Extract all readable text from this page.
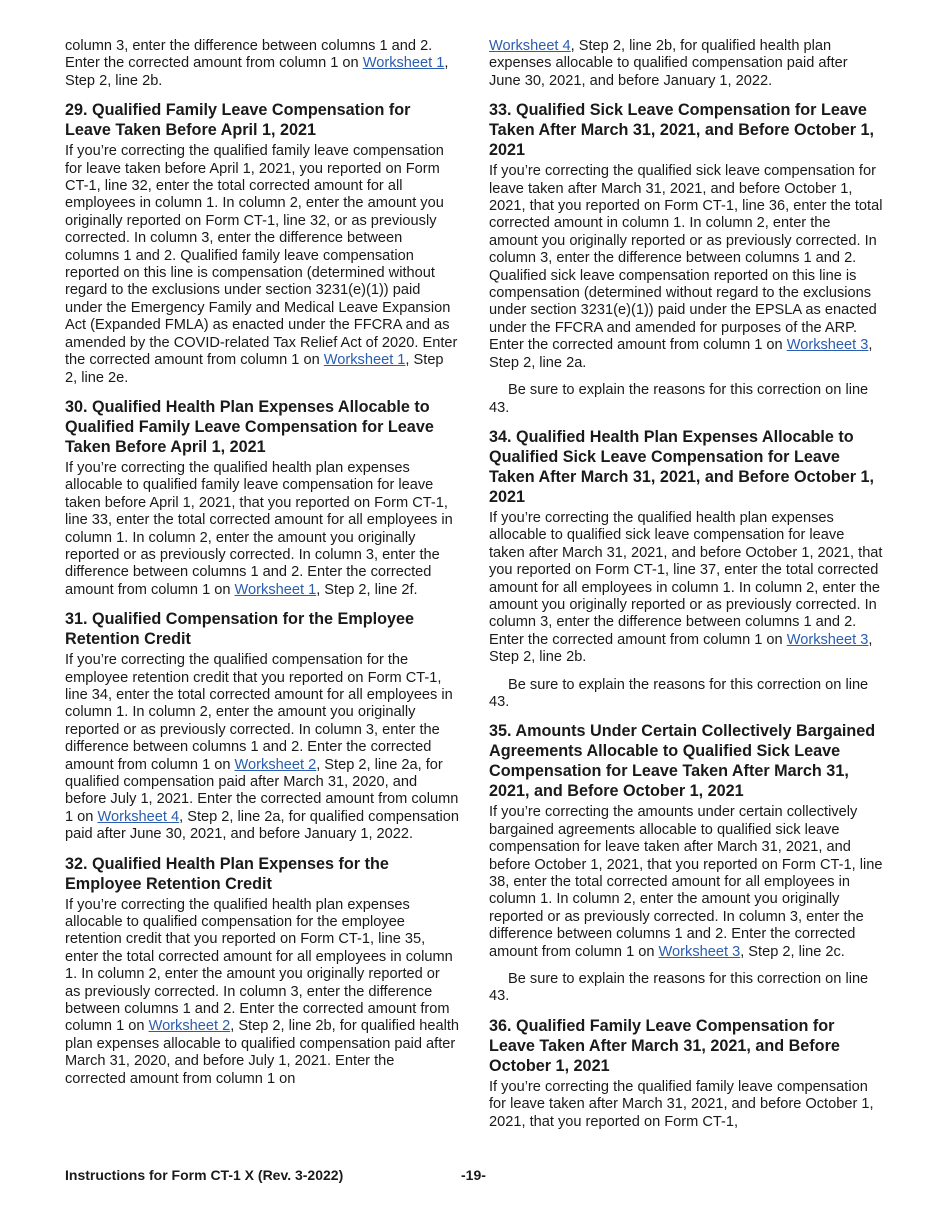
column 3, enter the difference between columns 1 and 2. Enter the corrected amount from column 1 on Worksheet 1, Step 2, line 2b.

29. Qualified Family Leave Compensation for Leave Taken Before April 1, 2021

If you’re correcting the qualified family leave compensation for leave taken before April 1, 2021, you reported on Form CT-1, line 32, enter the total corrected amount for all employees in column 1. In column 2, enter the amount you originally reported on Form CT-1, line 32, or as previously corrected. In column 3, enter the difference between columns 1 and 2. Qualified family leave compensation reported on this line is compensation (determined without regard to the exclusions under section 3231(e)(1)) paid under the Emergency Family and Medical Leave Expansion Act (Expanded FMLA) as enacted under the FFCRA and as amended by the COVID-related Tax Relief Act of 2020. Enter the corrected amount from column 1 on Worksheet 1, Step 2, line 2e.

30. Qualified Health Plan Expenses Allocable to Qualified Family Leave Compensation for Leave Taken Before April 1, 2021

If you’re correcting the qualified health plan expenses allocable to qualified family leave compensation for leave taken before April 1, 2021, that you reported on Form CT-1, line 33, enter the total corrected amount for all employees in column 1. In column 2, enter the amount you originally reported or as previously corrected. In column 3, enter the difference between columns 1 and 2. Enter the corrected amount from column 1 on Worksheet 1, Step 2, line 2f.

31. Qualified Compensation for the Employee Retention Credit

If you’re correcting the qualified compensation for the employee retention credit that you reported on Form CT-1, line 34, enter the total corrected amount for all employees in column 1. In column 2, enter the amount you originally reported or as previously corrected. In column 3, enter the difference between columns 1 and 2. Enter the corrected amount from column 1 on Worksheet 2, Step 2, line 2a, for qualified compensation paid after March 31, 2020, and before July 1, 2021. Enter the corrected amount from column 1 on Worksheet 4, Step 2, line 2a, for qualified compensation paid after June 30, 2021, and before January 1, 2022.

32. Qualified Health Plan Expenses for the Employee Retention Credit

If you’re correcting the qualified health plan expenses allocable to qualified compensation for the employee retention credit that you reported on Form CT-1, line 35, enter the total corrected amount for all employees in column 1. In column 2, enter the amount you originally reported or as previously corrected. In column 3, enter the difference between columns 1 and 2. Enter the corrected amount from column 1 on Worksheet 2, Step 2, line 2b, for qualified health plan expenses allocable to qualified compensation paid after March 31, 2020, and before July 1, 2021. Enter the corrected amount from column 1 on

Worksheet 4, Step 2, line 2b, for qualified health plan expenses allocable to qualified compensation paid after June 30, 2021, and before January 1, 2022.

33. Qualified Sick Leave Compensation for Leave Taken After March 31, 2021, and Before October 1, 2021

If you’re correcting the qualified sick leave compensation for leave taken after March 31, 2021, and before October 1, 2021, that you reported on Form CT-1, line 36, enter the total corrected amount in column 1. In column 2, enter the amount you originally reported or as previously corrected. In column 3, enter the difference between columns 1 and 2. Qualified sick leave compensation reported on this line is compensation (determined without regard to the exclusions under section 3231(e)(1)) paid under the EPSLA as enacted under the FFCRA and amended for purposes of the ARP. Enter the corrected amount from column 1 on Worksheet 3, Step 2, line 2a.

Be sure to explain the reasons for this correction on line 43.

34. Qualified Health Plan Expenses Allocable to Qualified Sick Leave Compensation for Leave Taken After March 31, 2021, and Before October 1, 2021

If you’re correcting the qualified health plan expenses allocable to qualified sick leave compensation for leave taken after March 31, 2021, and before October 1, 2021, that you reported on Form CT-1, line 37, enter the total corrected amount for all employees in column 1. In column 2, enter the amount you originally reported or as previously corrected. In column 3, enter the difference between columns 1 and 2. Enter the corrected amount from column 1 on Worksheet 3, Step 2, line 2b.

Be sure to explain the reasons for this correction on line 43.

35. Amounts Under Certain Collectively Bargained Agreements Allocable to Qualified Sick Leave Compensation for Leave Taken After March 31, 2021, and Before October 1, 2021

If you’re correcting the amounts under certain collectively bargained agreements allocable to qualified sick leave compensation for leave taken after March 31, 2021, and before October 1, 2021, that you reported on Form CT-1, line 38, enter the total corrected amount for all employees in column 1. In column 2, enter the amount you originally reported or as previously corrected. In column 3, enter the difference between columns 1 and 2. Enter the corrected amount from column 1 on Worksheet 3, Step 2, line 2c.

Be sure to explain the reasons for this correction on line 43.

36. Qualified Family Leave Compensation for Leave Taken After March 31, 2021, and Before October 1, 2021

If you’re correcting the qualified family leave compensation for leave taken after March 31, 2021, and before October 1, 2021, that you reported on Form CT-1,

Instructions for Form CT-1 X (Rev. 3-2022)	-19-
